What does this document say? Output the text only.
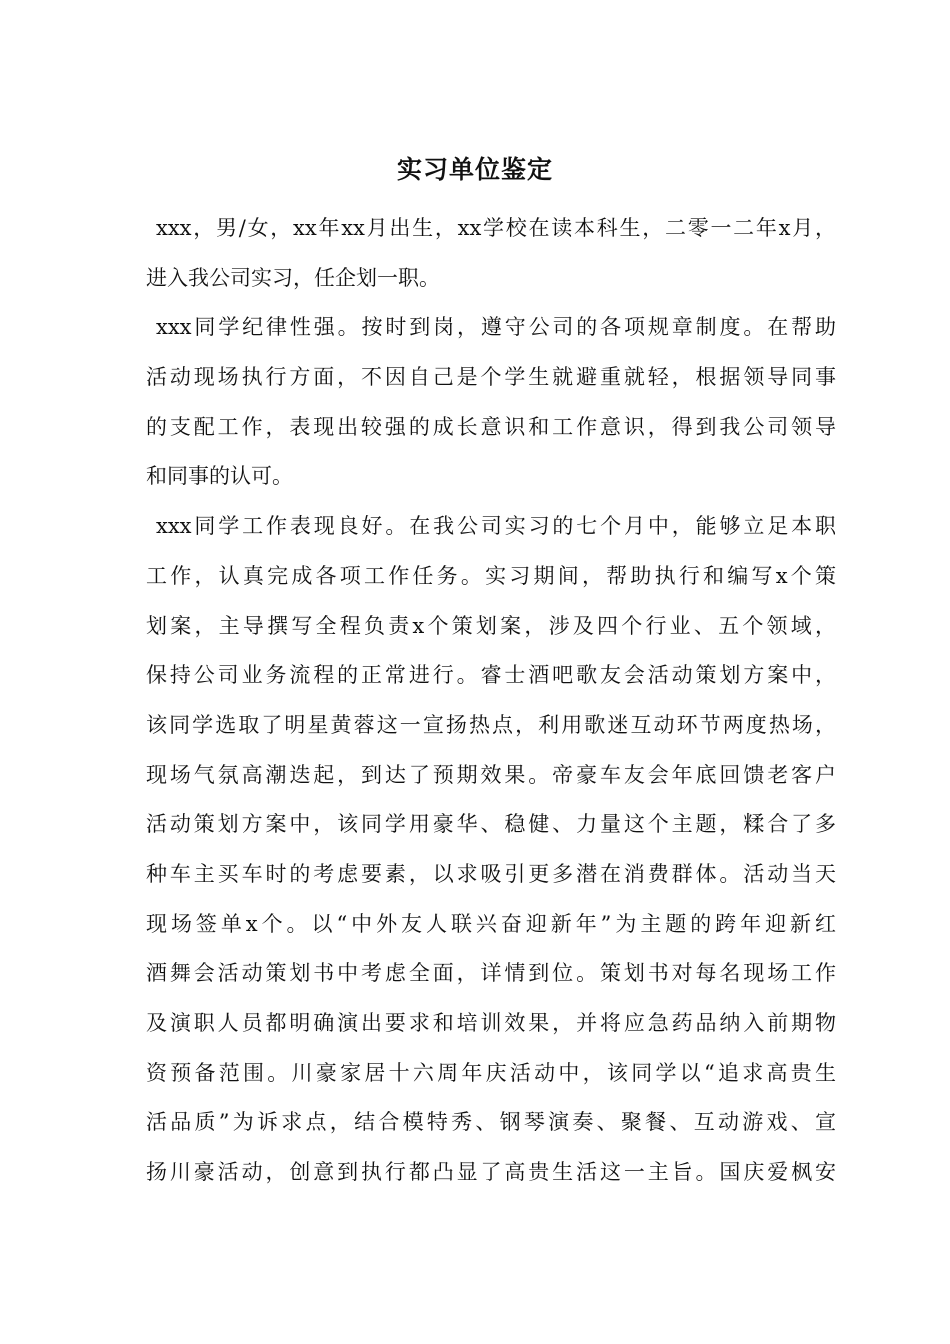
实习单位鉴定
xxx，男/女，xx年xx月出生，xx学校在读本科生，二零一二年x月，
进入我公司实习，任企划一职。
xxx同学纪律性强。按时到岗，遵守公司的各项规章制度。在帮助
活动现场执行方面，不因自己是个学生就避重就轻，根据领导同事
的支配工作，表现出较强的成长意识和工作意识，得到我公司领导
和同事的认可。
xxx同学工作表现良好。在我公司实习的七个月中，能够立足本职
工作，认真完成各项工作任务。实习期间，帮助执行和编写x个策
划案，主导撰写全程负责x个策划案，涉及四个行业、五个领域，
保持公司业务流程的正常进行。睿士酒吧歌友会活动策划方案中，
该同学选取了明星黄蓉这一宣扬热点，利用歌迷互动环节两度热场，
现场气氛高潮迭起，到达了预期效果。帝豪车友会年底回馈老客户
活动策划方案中，该同学用豪华、稳健、力量这个主题，糅合了多
种车主买车时的考虑要素，以求吸引更多潜在消费群体。活动当天
现场签单x个。以“中外友人联兴奋迎新年”为主题的跨年迎新红
酒舞会活动策划书中考虑全面，详情到位。策划书对每名现场工作
及演职人员都明确演出要求和培训效果，并将应急药品纳入前期物
资预备范围。川豪家居十六周年庆活动中，该同学以“追求高贵生
活品质”为诉求点，结合模特秀、钢琴演奏、聚餐、互动游戏、宣
扬川豪活动，创意到执行都凸显了高贵生活这一主旨。国庆爱枫安
